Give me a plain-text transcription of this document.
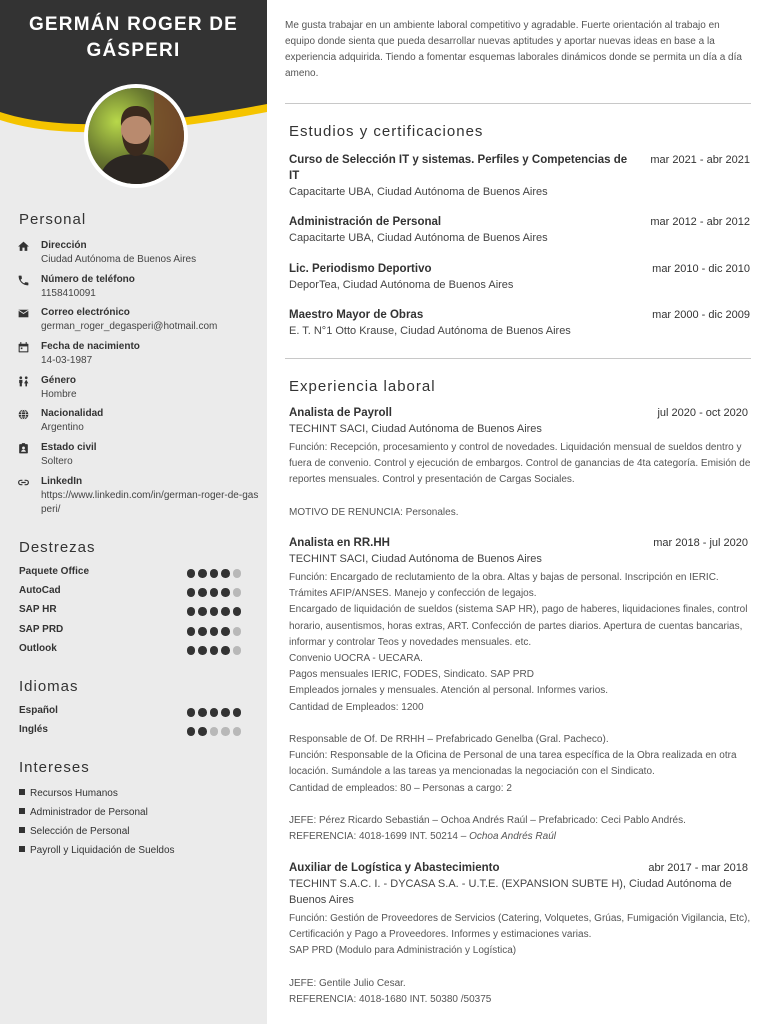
GERMÁN ROGER DE GÁSPERI
Personal
Dirección
Ciudad Autónoma de Buenos Aires
Número de teléfono
1158410091
Correo electrónico
german_roger_degasperi@hotmail.com
Fecha de nacimiento
14-03-1987
Género
Hombre
Nacionalidad
Argentino
Estado civil
Soltero
LinkedIn
https://www.linkedin.com/in/german-roger-de-gasperi/
Destrezas
Paquete Office
AutoCad
SAP HR
SAP PRD
Outlook
Idiomas
Español
Inglés
Intereses
Recursos Humanos
Administrador de Personal
Selección de Personal
Payroll y Liquidación de Sueldos
Me gusta trabajar en un ambiente laboral competitivo y agradable. Fuerte orientación al trabajo en equipo donde sienta que pueda desarrollar nuevas aptitudes y aportar nuevas ideas en base a la experiencia adquirida. Tiendo a fomentar esquemas laborales dinámicos donde se permita un día a día ameno.
Estudios y certificaciones
Curso de Selección IT y sistemas. Perfiles y Competencias de IT
mar 2021 - abr 2021
Capacitarte UBA, Ciudad Autónoma de Buenos Aires
Administración de Personal	mar 2012 - abr 2012
Capacitarte UBA, Ciudad Autónoma de Buenos Aires
Lic. Periodismo Deportivo	mar 2010 - dic 2010
DeporTea, Ciudad Autónoma de Buenos Aires
Maestro Mayor de Obras	mar 2000 - dic 2009
E. T. N°1 Otto Krause, Ciudad Autónoma de Buenos Aires
Experiencia laboral
Analista de Payroll	jul 2020 - oct 2020
TECHINT SACI, Ciudad Autónoma de Buenos Aires
Función: Recepción, procesamiento y control de novedades. Liquidación mensual de sueldos dentro y fuera de convenio. Control y ejecución de embargos. Control de ganancias de 4ta categoría. Emisión de reportes mensuales. Control y presentación de Cargas Sociales.

MOTIVO DE RENUNCIA: Personales.
Analista en RR.HH	mar 2018 - jul 2020
TECHINT SACI, Ciudad Autónoma de Buenos Aires
Función: Encargado de reclutamiento de la obra. Altas y bajas de personal. Inscripción en IERIC. Trámites AFIP/ANSES. Manejo y confección de legajos.
Encargado de liquidación de sueldos (sistema SAP HR), pago de haberes, liquidaciones finales, control horario, ausentismos, horas extras, ART. Confección de partes diarios. Apertura de cuentas bancarias, informar y controlar Teos y novedades mensuales. etc.
Convenio UOCRA - UECARA.
Pagos mensuales IERIC, FODES, Sindicato. SAP PRD
Empleados jornales y mensuales. Atención al personal. Informes varios.
Cantidad de Empleados: 1200

Responsable de Of. De RRHH – Prefabricado Genelba (Gral. Pacheco).
Función: Responsable de la Oficina de Personal de una tarea específica de la Obra realizada en otra locación. Sumándole a las tareas ya mencionadas la negociación con el Sindicato.
Cantidad de empleados: 80 – Personas a cargo: 2

JEFE: Pérez Ricardo Sebastián – Ochoa Andrés Raúl – Prefabricado: Ceci Pablo Andrés.
REFERENCIA: 4018-1699 INT. 50214 – Ochoa Andrés Raúl
Auxiliar de Logística y Abastecimiento	abr 2017 - mar 2018
TECHINT S.A.C. I. - DYCASA S.A. - U.T.E. (EXPANSION SUBTE H), Ciudad Autónoma de Buenos Aires
Función: Gestión de Proveedores de Servicios (Catering, Volquetes, Grúas, Fumigación Vigilancia, Etc), Certificación y Pago a Proveedores. Informes y estimaciones varias.
SAP PRD (Modulo para Administración y Logística)

JEFE: Gentile Julio Cesar.
REFERENCIA: 4018-1680 INT. 50380 /50375
